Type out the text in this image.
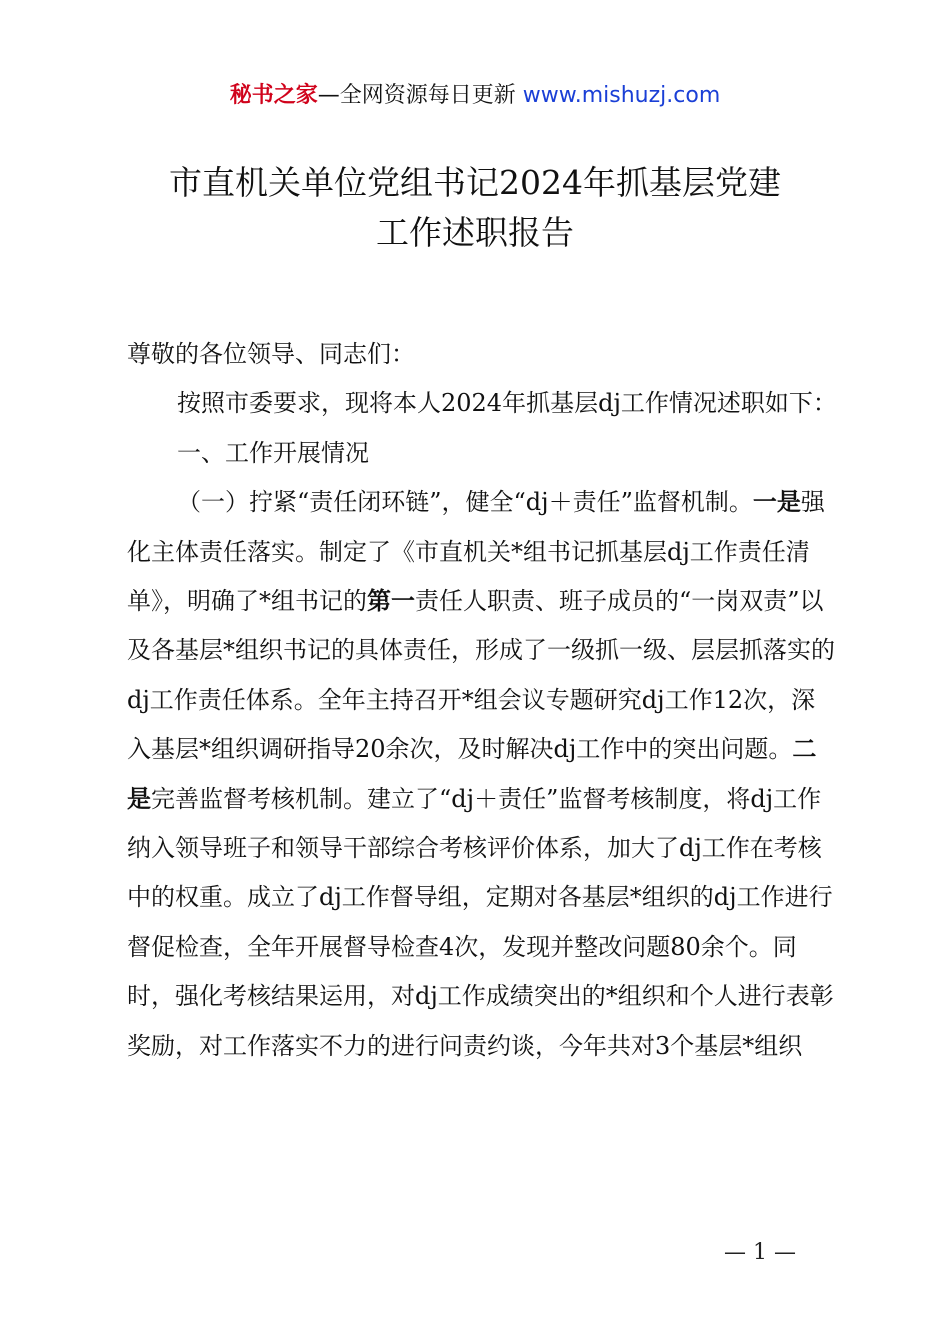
秘书之家—全网资源每日更新 www.mishuzj.com
市直机关单位党组书记2024年抓基层党建
工作述职报告

尊敬的各位领导、同志们：

按照市委要求，现将本人2024年抓基层dj工作情况述职如下：

一、工作开展情况

（一）拧紧“责任闭环链”，健全“dj＋责任”监督机制。一是强化主体责任落实。制定了《市直机关*组书记抓基层dj工作责任清单》，明确了*组书记的第一责任人职责、班子成员的“一岗双责”以及各基层*组织书记的具体责任，形成了一级抓一级、层层抓落实的dj工作责任体系。全年主持召开*组会议专题研究dj工作12次，深入基层*组织调研指导20余次，及时解决dj工作中的突出问题。二是完善监督考核机制。建立了“dj＋责任”监督考核制度，将dj工作纳入领导班子和领导干部综合考核评价体系，加大了dj工作在考核中的权重。成立了dj工作督导组，定期对各基层*组织的dj工作进行督促检查，全年开展督导检查4次，发现并整改问题80余个。同时，强化考核结果运用，对dj工作成绩突出的*组织和个人进行表彰奖励，对工作落实不力的进行问责约谈，今年共对3个基层*组织

— 1 —
